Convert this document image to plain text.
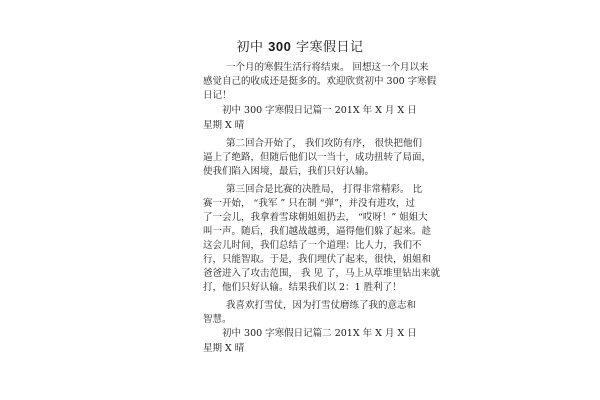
初中 300 字寒假日记
一个月的寒假生活行将结束。 回想这一个月以来
感觉自己的收成还是挺多的。欢迎欣赏初中 300 字寒假
日记！
初中 300 字寒假日记篇一 201X 年 X 月 X 日
星期 X 晴
第二回合开始了， 我们攻防有序， 很快把他们
逼上了绝路，但随后他们以一当十，成功扭转了局面，
使我们陷入困境，最后，我们只好认输。
第三回合是比赛的决胜局， 打得非常精彩。 比
赛一开始， “我军 ” 只在制 “弹”，并没有进攻，过
了一会儿，我拿着雪球朝姐姐扔去， “哎呀！” 姐姐大
叫一声。随后，我们越战越勇，逼得他们躲了起来。趁
这会儿时间，我们总结了一个道理：比人力，我们不
行，只能智取。于是，我们埋伏了起来，很快，姐姐和
爸爸进入了攻击范围， 我 见 了，马上从草堆里钻出来就
打，他们只好认输。结果我们以 2：1 胜利了！
我喜欢打雪仗，因为打雪仗磨练了我的意志和
智慧。
初中 300 字寒假日记篇二 201X 年 X 月 X 日
星期 X 晴
